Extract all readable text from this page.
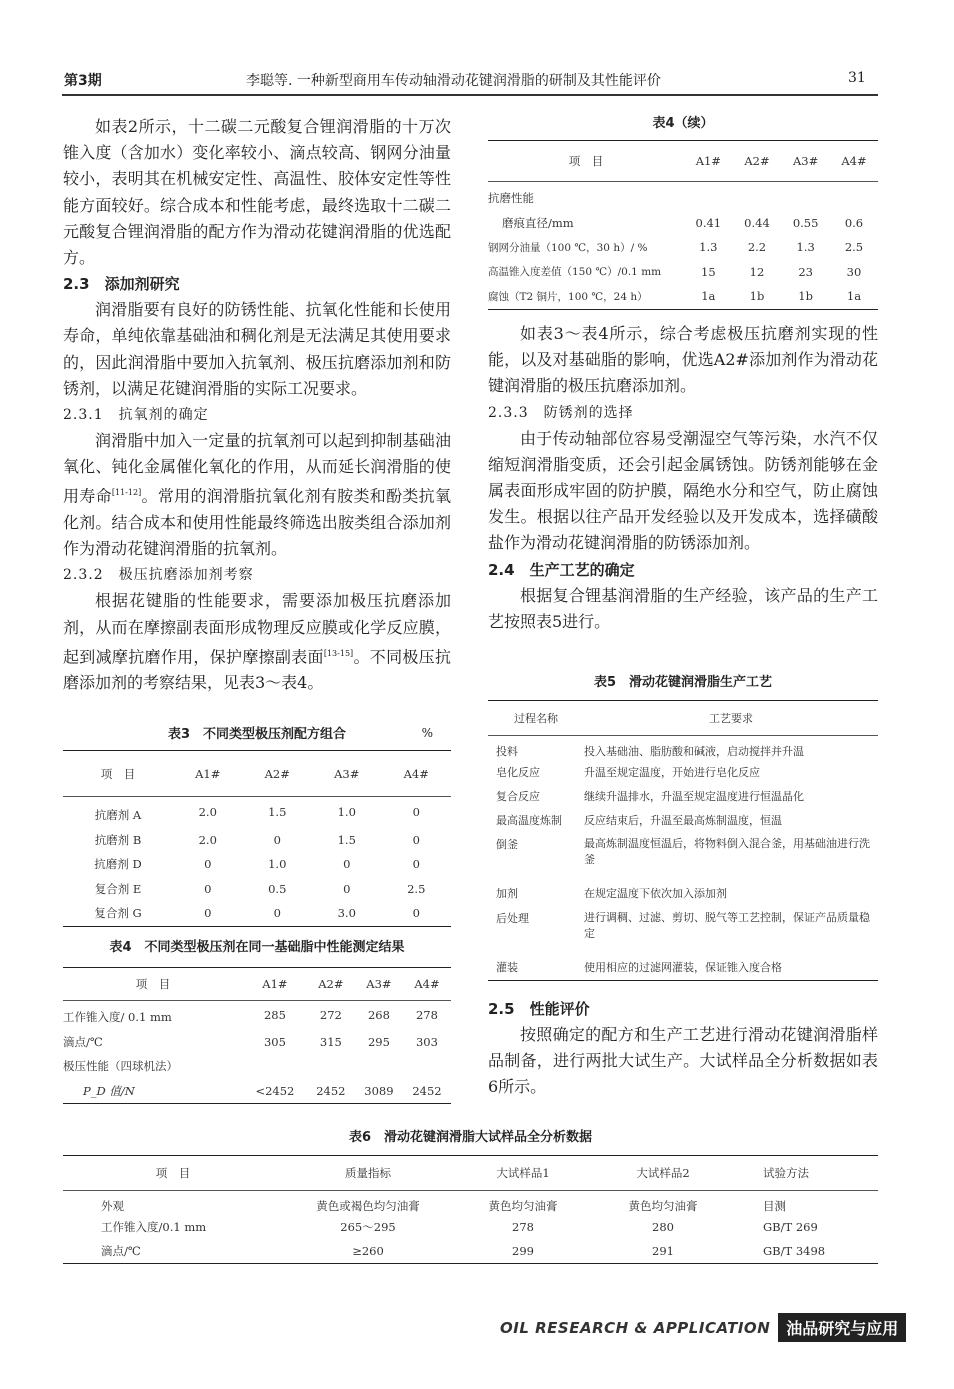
第3期	李聪等. 一种新型商用车传动轴滑动花键润滑脂的研制及其性能评价	31

如表2所示，十二碳二元酸复合锂润滑脂的十万次锥入度（含加水）变化率较小、滴点较高、钢网分油量较小，表明其在机械安定性、高温性、胶体安定性等性能方面较好。综合成本和性能考虑，最终选取十二碳二元酸复合锂润滑脂的配方作为滑动花键润滑脂的优选配方。

2.3　添加剂研究

润滑脂要有良好的防锈性能、抗氧化性能和长使用寿命，单纯依靠基础油和稠化剂是无法满足其使用要求的，因此润滑脂中要加入抗氧剂、极压抗磨添加剂和防锈剂，以满足花键润滑脂的实际工况要求。

2.3.1　抗氧剂的确定

润滑脂中加入一定量的抗氧剂可以起到抑制基础油氧化、钝化金属催化氧化的作用，从而延长润滑脂的使用寿命[11-12]。常用的润滑脂抗氧化剂有胺类和酚类抗氧化剂。结合成本和使用性能最终筛选出胺类组合添加剂作为滑动花键润滑脂的抗氧剂。

2.3.2　极压抗磨添加剂考察

根据花键脂的性能要求，需要添加极压抗磨添加剂，从而在摩擦副表面形成物理反应膜或化学反应膜，起到减摩抗磨作用，保护摩擦副表面[13-15]。不同极压抗磨添加剂的考察结果，见表3～表4。

表3　不同类型极压剂配方组合	%
项　目	A1#	A2#	A3#	A4#
抗磨剂 A	2.0	1.5	1.0	0
抗磨剂 B	2.0	0	1.5	0
抗磨剂 D	0	1.0	0	0
复合剂 E	0	0.5	0	2.5
复合剂 G	0	0	3.0	0
表4　不同类型极压剂在同一基础脂中性能测定结果
项　目	A1#	A2#	A3#	A4#
工作锥入度/ 0.1 mm	285	272	268	278
滴点/℃	305	315	295	303
极压性能（四球机法）				
P_D 值/N	<2452	2452	3089	2452
表4（续）
项　目	A1#	A2#	A3#	A4#
抗磨性能				
磨痕直径/mm	0.41	0.44	0.55	0.6
钢网分油量（100 ℃，30 h）/ %	1.3	2.2	1.3	2.5
高温锥入度差值（150 ℃）/0.1 mm	15	12	23	30
腐蚀（T2 铜片，100 ℃，24 h）	1a	1b	1b	1a

如表3～表4所示，综合考虑极压抗磨剂实现的性能，以及对基础脂的影响，优选A2#添加剂作为滑动花键润滑脂的极压抗磨添加剂。

2.3.3　防锈剂的选择

由于传动轴部位容易受潮湿空气等污染，水汽不仅缩短润滑脂变质，还会引起金属锈蚀。防锈剂能够在金属表面形成牢固的防护膜，隔绝水分和空气，防止腐蚀发生。根据以往产品开发经验以及开发成本，选择磺酸盐作为滑动花键润滑脂的防锈添加剂。

2.4　生产工艺的确定

根据复合锂基润滑脂的生产经验，该产品的生产工艺按照表5进行。

表5　滑动花键润滑脂生产工艺
过程名称	工艺要求
投料	投入基础油、脂肪酸和碱液，启动搅拌并升温
皂化反应	升温至规定温度，开始进行皂化反应
复合反应	继续升温排水，升温至规定温度进行恒温晶化
最高温度炼制	反应结束后，升温至最高炼制温度，恒温
倒釜	最高炼制温度恒温后，将物料倒入混合釜，用基础油进行洗釜
加剂	在规定温度下依次加入添加剂
后处理	进行调稠、过滤、剪切、脱气等工艺控制，保证产品质量稳定
灌装	使用相应的过滤网灌装，保证锥入度合格
2.5　性能评价

按照确定的配方和生产工艺进行滑动花键润滑脂样品制备，进行两批大试生产。大试样品全分析数据如表6所示。

表6　滑动花键润滑脂大试样品全分析数据
项　目	质量指标	大试样品1	大试样品2	试验方法
外观	黄色或褐色均匀油膏	黄色均匀油膏	黄色均匀油膏	目测
工作锥入度/0.1 mm	265～295	278	280	GB/T 269
滴点/℃	≥260	299	291	GB/T 3498
OIL RESEARCH & APPLICATION	油品研究与应用
